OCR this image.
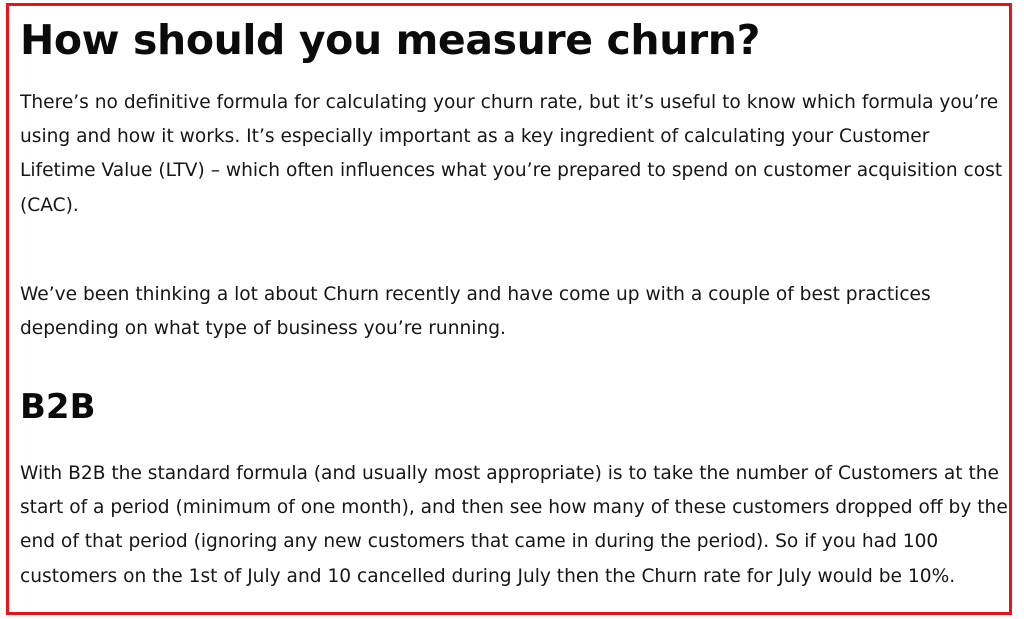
How should you measure churn?

There’s no definitive formula for calculating your churn rate, but it’s useful to know which formula you’re using and how it works. It’s especially important as a key ingredient of calculating your Customer Lifetime Value (LTV) – which often influences what you’re prepared to spend on customer acquisition cost (CAC).

We’ve been thinking a lot about Churn recently and have come up with a couple of best practices depending on what type of business you’re running.

B2B

With B2B the standard formula (and usually most appropriate) is to take the number of Customers at the start of a period (minimum of one month), and then see how many of these customers dropped off by the end of that period (ignoring any new customers that came in during the period). So if you had 100 customers on the 1st of July and 10 cancelled during July then the Churn rate for July would be 10%.
